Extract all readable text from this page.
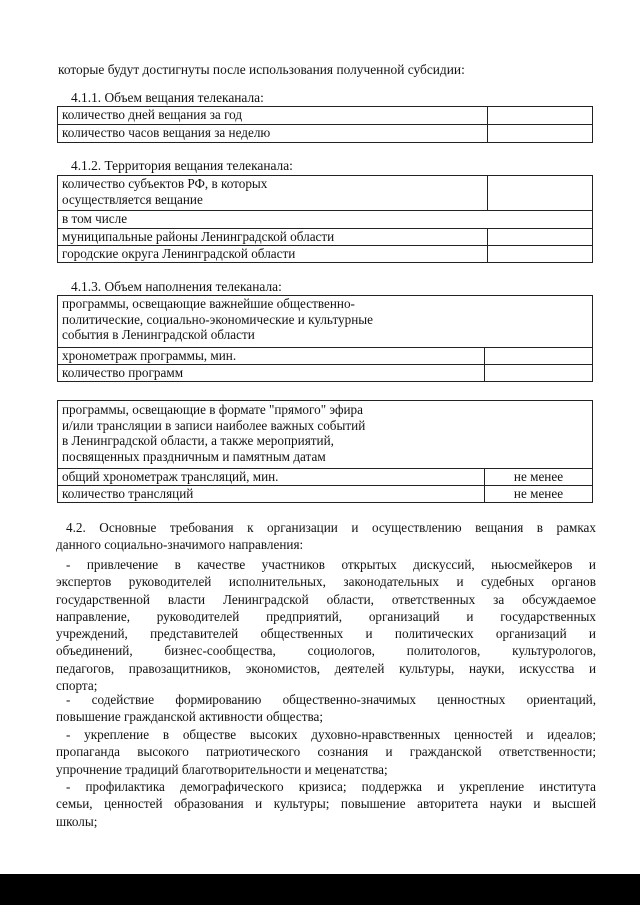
которые будут достигнуты после использования полученной субсидии:
4.1.1. Объем вещания телеканала:
количество дней вещания за год	
количество часов вещания за неделю	
4.1.2. Территория вещания телеканала:
количество субъектов РФ, в которых
осуществляется вещание	

в том числе	
муниципальные районы Ленинградской области	
городские округа Ленинградской области	
4.1.3. Объем наполнения телеканала:
программы, освещающие важнейшие общественно-
политические, социально-экономические и культурные
события в Ленинградской области	

хронометраж программы, мин.	
количество программ	
программы, освещающие в формате "прямого" эфира
и/или трансляции в записи наиболее важных событий
в Ленинградской области, а также мероприятий,
посвященных праздничным и памятным датам	

общий хронометраж трансляций, мин.	не менее
количество трансляций	не менее
4.2. Основные требования к организации и осуществлению вещания в рамках
данного социально-значимого направления:
- привлечение в качестве участников открытых дискуссий, ньюсмейкеров и
экспертов руководителей исполнительных, законодательных и судебных органов
государственной власти Ленинградской области, ответственных за обсуждаемое
направление, руководителей предприятий, организаций и государственных
учреждений, представителей общественных и политических организаций и
объединений, бизнес-сообщества, социологов, политологов, культурологов,
педагогов, правозащитников, экономистов, деятелей культуры, науки, искусства и
спорта;
- содействие формированию общественно-значимых ценностных ориентаций,
повышение гражданской активности общества;
- укрепление в обществе высоких духовно-нравственных ценностей и идеалов;
пропаганда высокого патриотического сознания и гражданской ответственности;
упрочнение традиций благотворительности и меценатства;
- профилактика демографического кризиса; поддержка и укрепление института
семьи, ценностей образования и культуры; повышение авторитета науки и высшей
школы;
